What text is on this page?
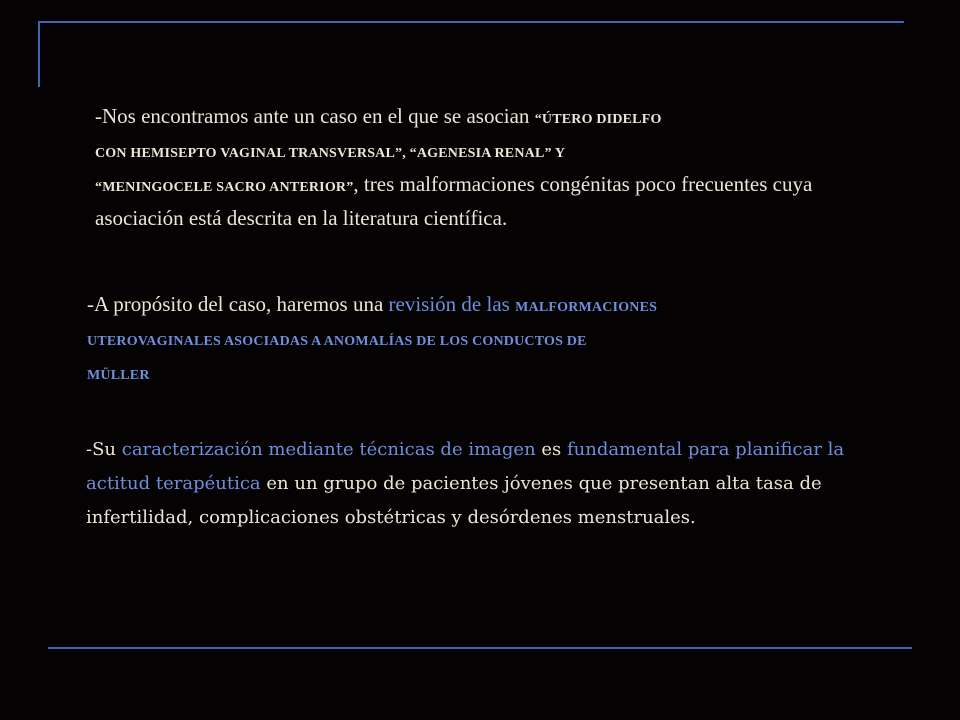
-Nos encontramos ante un caso en el que se asocian “ÚTERO DIDELFO
CON HEMISEPTO VAGINAL TRANSVERSAL”, “AGENESIA RENAL” Y
“MENINGOCELE SACRO ANTERIOR”, tres malformaciones congénitas poco frecuentes cuya asociación está descrita en la literatura científica.
-A propósito del caso, haremos una revisión de las MALFORMACIONES
UTEROVAGINALES ASOCIADAS A ANOMALÍAS DE LOS CONDUCTOS DE
MÜLLER
-Su caracterización mediante técnicas de imagen es fundamental para planificar la actitud terapéutica en un grupo de pacientes jóvenes que presentan alta tasa de infertilidad, complicaciones obstétricas y desórdenes menstruales.
